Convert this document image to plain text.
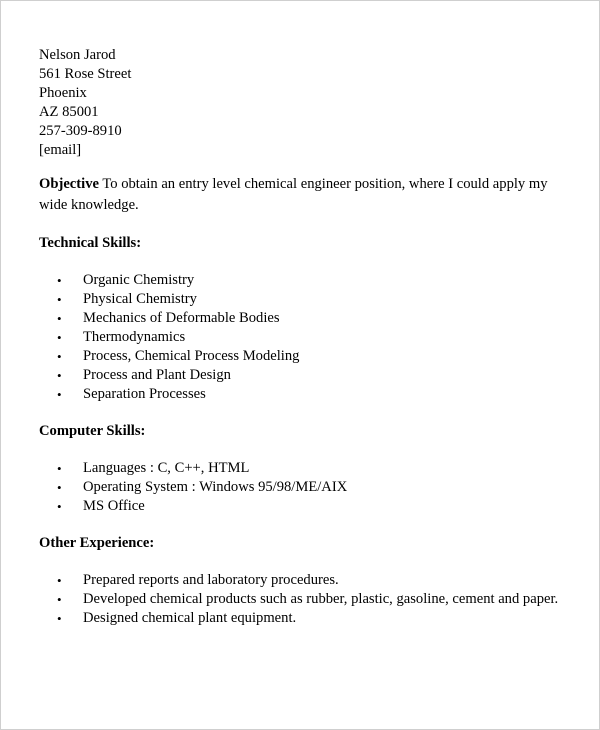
Nelson Jarod
561 Rose Street
Phoenix
AZ 85001
257-309-8910
[email]

Objective To obtain an entry level chemical engineer position, where I could apply my wide knowledge.

Technical Skills:

• Organic Chemistry
• Physical Chemistry
• Mechanics of Deformable Bodies
• Thermodynamics
• Process, Chemical Process Modeling
• Process and Plant Design
• Separation Processes

Computer Skills:

• Languages : C, C++, HTML
• Operating System : Windows 95/98/ME/AIX
• MS Office

Other Experience:

• Prepared reports and laboratory procedures.
• Developed chemical products such as rubber, plastic, gasoline, cement and paper.
• Designed chemical plant equipment.
